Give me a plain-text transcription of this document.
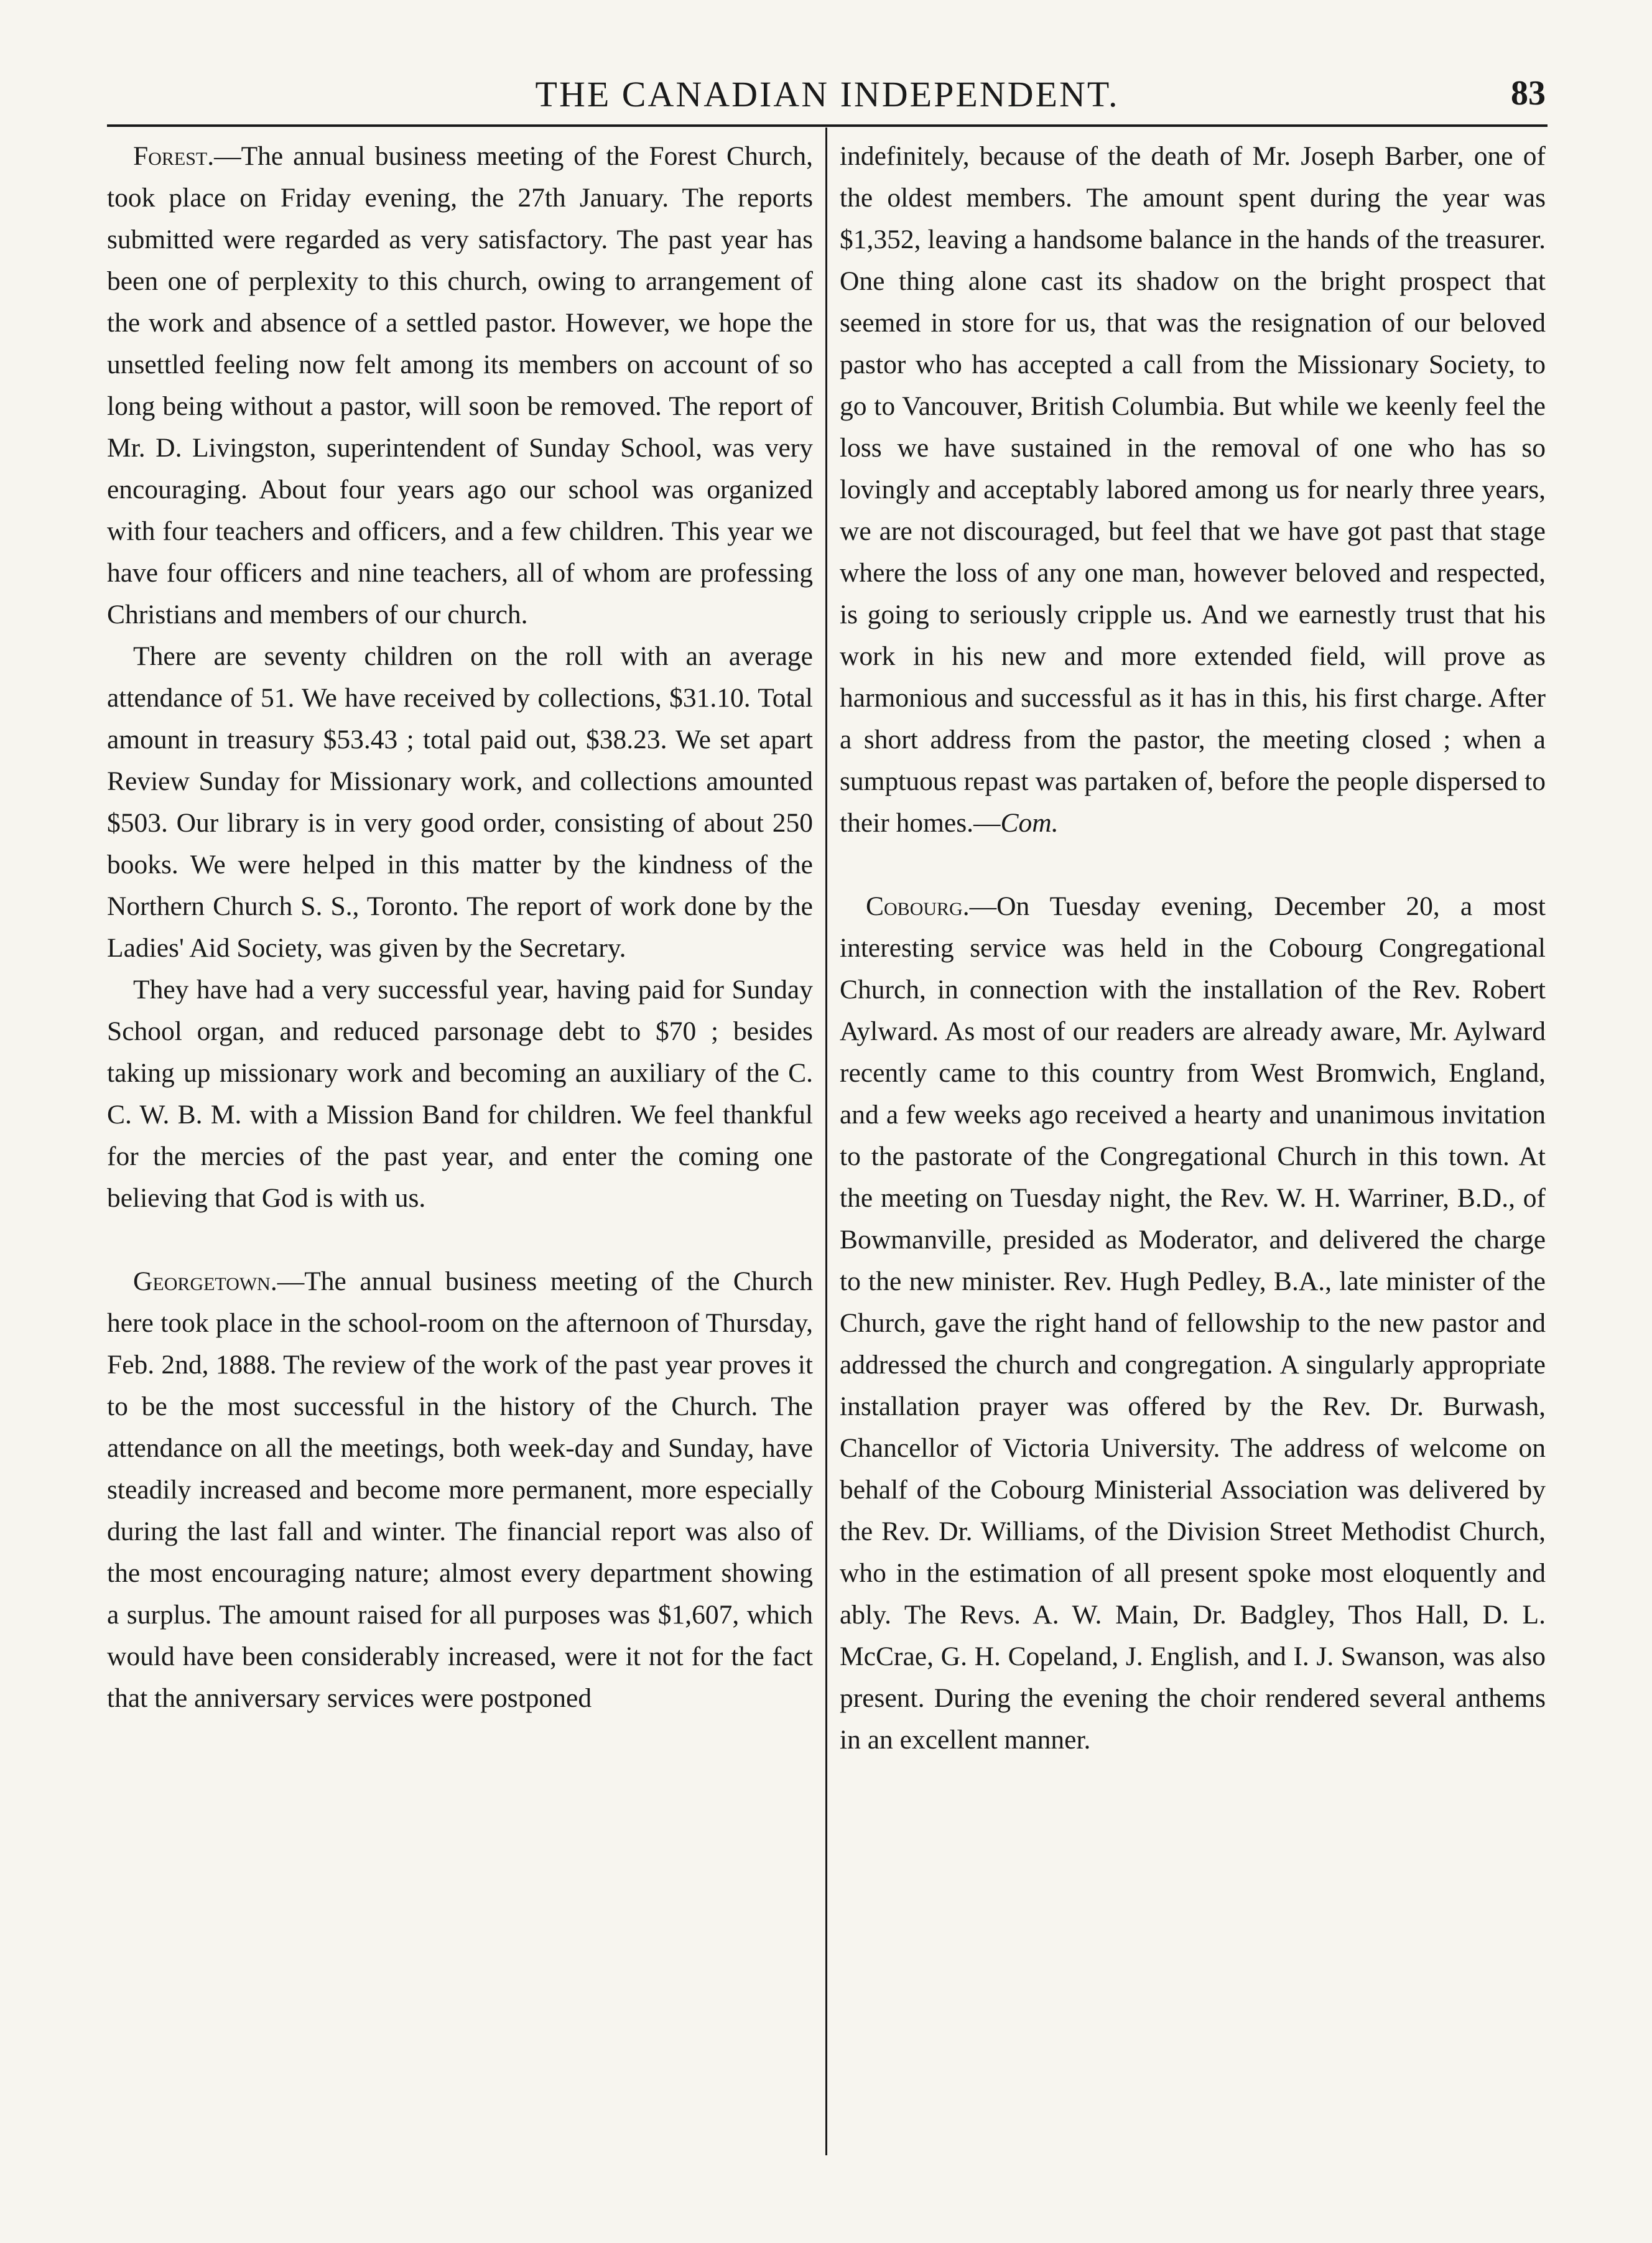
THE CANADIAN INDEPENDENT.	83

Forest.—The annual business meeting of the Forest Church, took place on Friday evening, the 27th January. The reports submitted were regarded as very satisfactory. The past year has been one of perplexity to this church, owing to arrangement of the work and absence of a settled pastor. However, we hope the unsettled feeling now felt among its members on account of so long being without a pastor, will soon be removed. The report of Mr. D. Livingston, superintendent of Sunday School, was very encouraging. About four years ago our school was organized with four teachers and officers, and a few children. This year we have four officers and nine teachers, all of whom are professing Christians and members of our church.

There are seventy children on the roll with an average attendance of 51. We have received by collections, $31.10. Total amount in treasury $53.43 ; total paid out, $38.23. We set apart Review Sunday for Missionary work, and collections amounted $503. Our library is in very good order, consisting of about 250 books. We were helped in this matter by the kindness of the Northern Church S. S., Toronto. The report of work done by the Ladies' Aid Society, was given by the Secretary.

They have had a very successful year, having paid for Sunday School organ, and reduced parsonage debt to $70 ; besides taking up missionary work and becoming an auxiliary of the C. C. W. B. M. with a Mission Band for children. We feel thankful for the mercies of the past year, and enter the coming one believing that God is with us.

Georgetown.—The annual business meeting of the Church here took place in the school-room on the afternoon of Thursday, Feb. 2nd, 1888. The review of the work of the past year proves it to be the most successful in the history of the Church. The attendance on all the meetings, both week-day and Sunday, have steadily increased and become more permanent, more especially during the last fall and winter. The financial report was also of the most encouraging nature; almost every department showing a surplus. The amount raised for all purposes was $1,607, which would have been considerably increased, were it not for the fact that the anniversary services were postponed

indefinitely, because of the death of Mr. Joseph Barber, one of the oldest members. The amount spent during the year was $1,352, leaving a handsome balance in the hands of the treasurer. One thing alone cast its shadow on the bright prospect that seemed in store for us, that was the resignation of our beloved pastor who has accepted a call from the Missionary Society, to go to Vancouver, British Columbia. But while we keenly feel the loss we have sustained in the removal of one who has so lovingly and acceptably labored among us for nearly three years, we are not discouraged, but feel that we have got past that stage where the loss of any one man, however beloved and respected, is going to seriously cripple us. And we earnestly trust that his work in his new and more extended field, will prove as harmonious and successful as it has in this, his first charge. After a short address from the pastor, the meeting closed ; when a sumptuous repast was partaken of, before the people dispersed to their homes.—Com.

Cobourg.—On Tuesday evening, December 20, a most interesting service was held in the Cobourg Congregational Church, in connection with the installation of the Rev. Robert Aylward. As most of our readers are already aware, Mr. Aylward recently came to this country from West Bromwich, England, and a few weeks ago received a hearty and unanimous invitation to the pastorate of the Congregational Church in this town. At the meeting on Tuesday night, the Rev. W. H. Warriner, B.D., of Bowmanville, presided as Moderator, and delivered the charge to the new minister. Rev. Hugh Pedley, B.A., late minister of the Church, gave the right hand of fellowship to the new pastor and addressed the church and congregation. A singularly appropriate installation prayer was offered by the Rev. Dr. Burwash, Chancellor of Victoria University. The address of welcome on behalf of the Cobourg Ministerial Association was delivered by the Rev. Dr. Williams, of the Division Street Methodist Church, who in the estimation of all present spoke most eloquently and ably. The Revs. A. W. Main, Dr. Badgley, Thos Hall, D. L. McCrae, G. H. Copeland, J. English, and I. J. Swanson, was also present. During the evening the choir rendered several anthems in an excellent manner.
